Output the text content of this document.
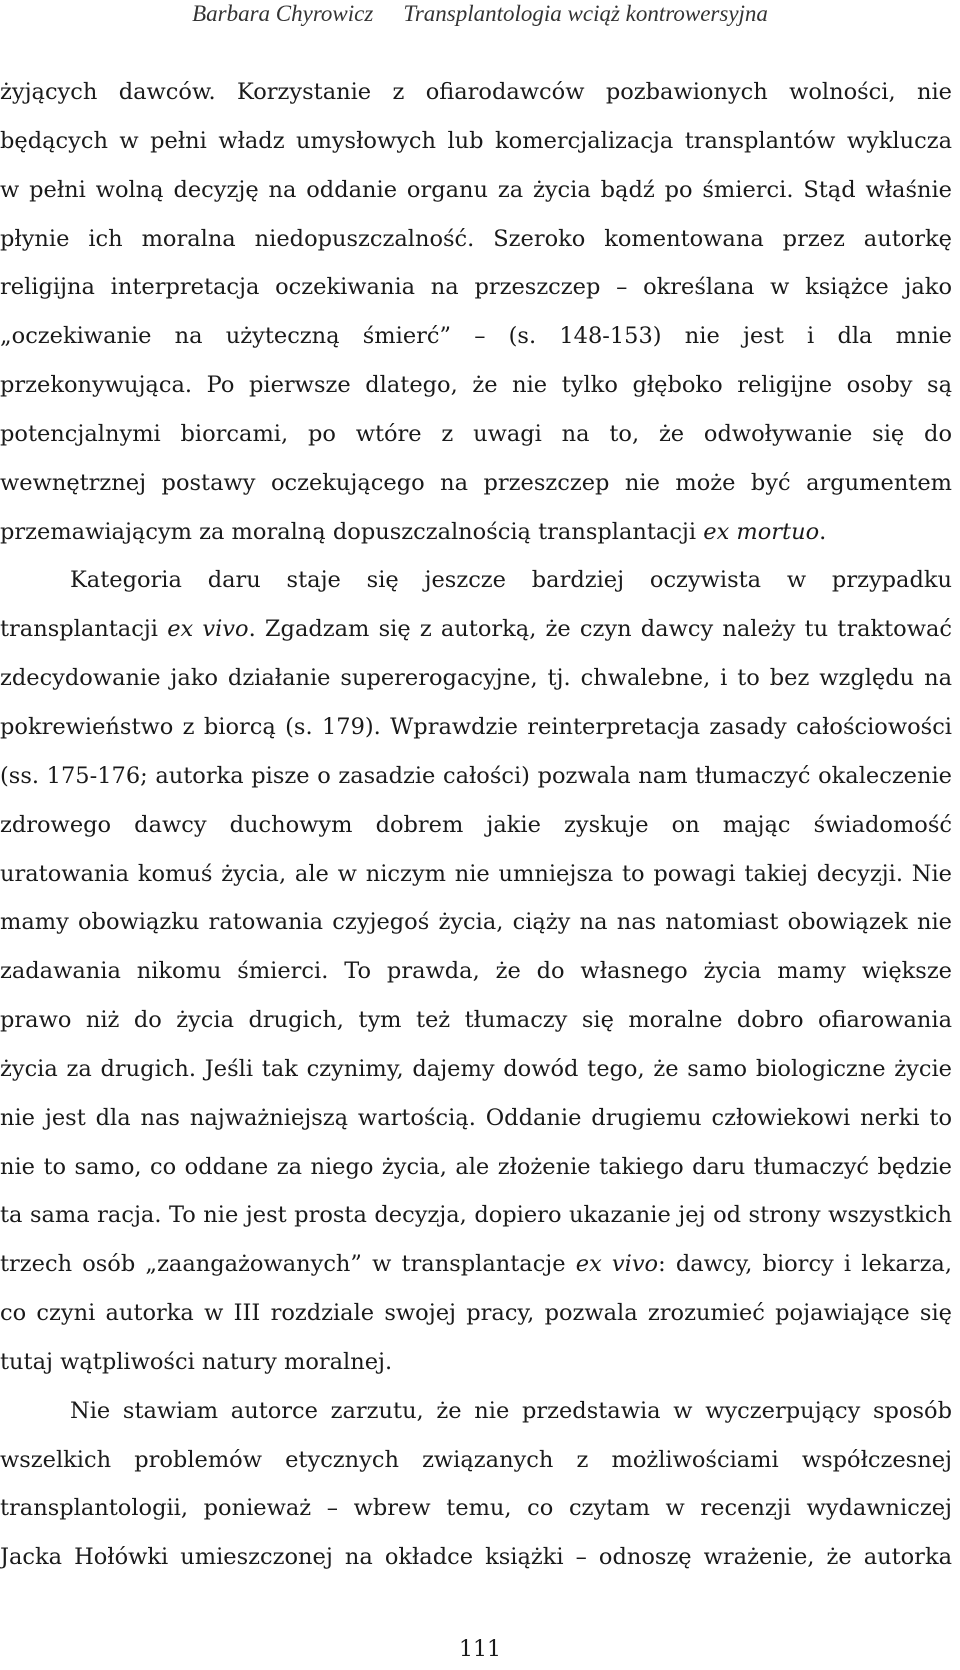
Barbara Chyrowicz Transplantologia wciąż kontrowersyjna
żyjących dawców. Korzystanie z ofiarodawców pozbawionych wolności, nie
będących w pełni władz umysłowych lub komercjalizacja transplantów wyklucza
w pełni wolną decyzję na oddanie organu za życia bądź po śmierci. Stąd właśnie
płynie ich moralna niedopuszczalność. Szeroko komentowana przez autorkę
religijna interpretacja oczekiwania na przeszczep – określana w książce jako
„oczekiwanie na użyteczną śmierć” – (s. 148-153) nie jest i dla mnie
przekonywująca. Po pierwsze dlatego, że nie tylko głęboko religijne osoby są
potencjalnymi biorcami, po wtóre z uwagi na to, że odwoływanie się do
wewnętrznej postawy oczekującego na przeszczep nie może być argumentem
przemawiającym za moralną dopuszczalnością transplantacji ex mortuo.
Kategoria daru staje się jeszcze bardziej oczywista w przypadku
transplantacji ex vivo. Zgadzam się z autorką, że czyn dawcy należy tu traktować
zdecydowanie jako działanie supererogacyjne, tj. chwalebne, i to bez względu na
pokrewieństwo z biorcą (s. 179). Wprawdzie reinterpretacja zasady całościowości
(ss. 175-176; autorka pisze o zasadzie całości) pozwala nam tłumaczyć okaleczenie
zdrowego dawcy duchowym dobrem jakie zyskuje on mając świadomość
uratowania komuś życia, ale w niczym nie umniejsza to powagi takiej decyzji. Nie
mamy obowiązku ratowania czyjegoś życia, ciąży na nas natomiast obowiązek nie
zadawania nikomu śmierci. To prawda, że do własnego życia mamy większe
prawo niż do życia drugich, tym też tłumaczy się moralne dobro ofiarowania
życia za drugich. Jeśli tak czynimy, dajemy dowód tego, że samo biologiczne życie
nie jest dla nas najważniejszą wartością. Oddanie drugiemu człowiekowi nerki to
nie to samo, co oddane za niego życia, ale złożenie takiego daru tłumaczyć będzie
ta sama racja. To nie jest prosta decyzja, dopiero ukazanie jej od strony wszystkich
trzech osób „zaangażowanych” w transplantacje ex vivo: dawcy, biorcy i lekarza,
co czyni autorka w III rozdziale swojej pracy, pozwala zrozumieć pojawiające się
tutaj wątpliwości natury moralnej.
Nie stawiam autorce zarzutu, że nie przedstawia w wyczerpujący sposób
wszelkich problemów etycznych związanych z możliwościami współczesnej
transplantologii, ponieważ – wbrew temu, co czytam w recenzji wydawniczej
Jacka Hołówki umieszczonej na okładce książki – odnoszę wrażenie, że autorka
111
